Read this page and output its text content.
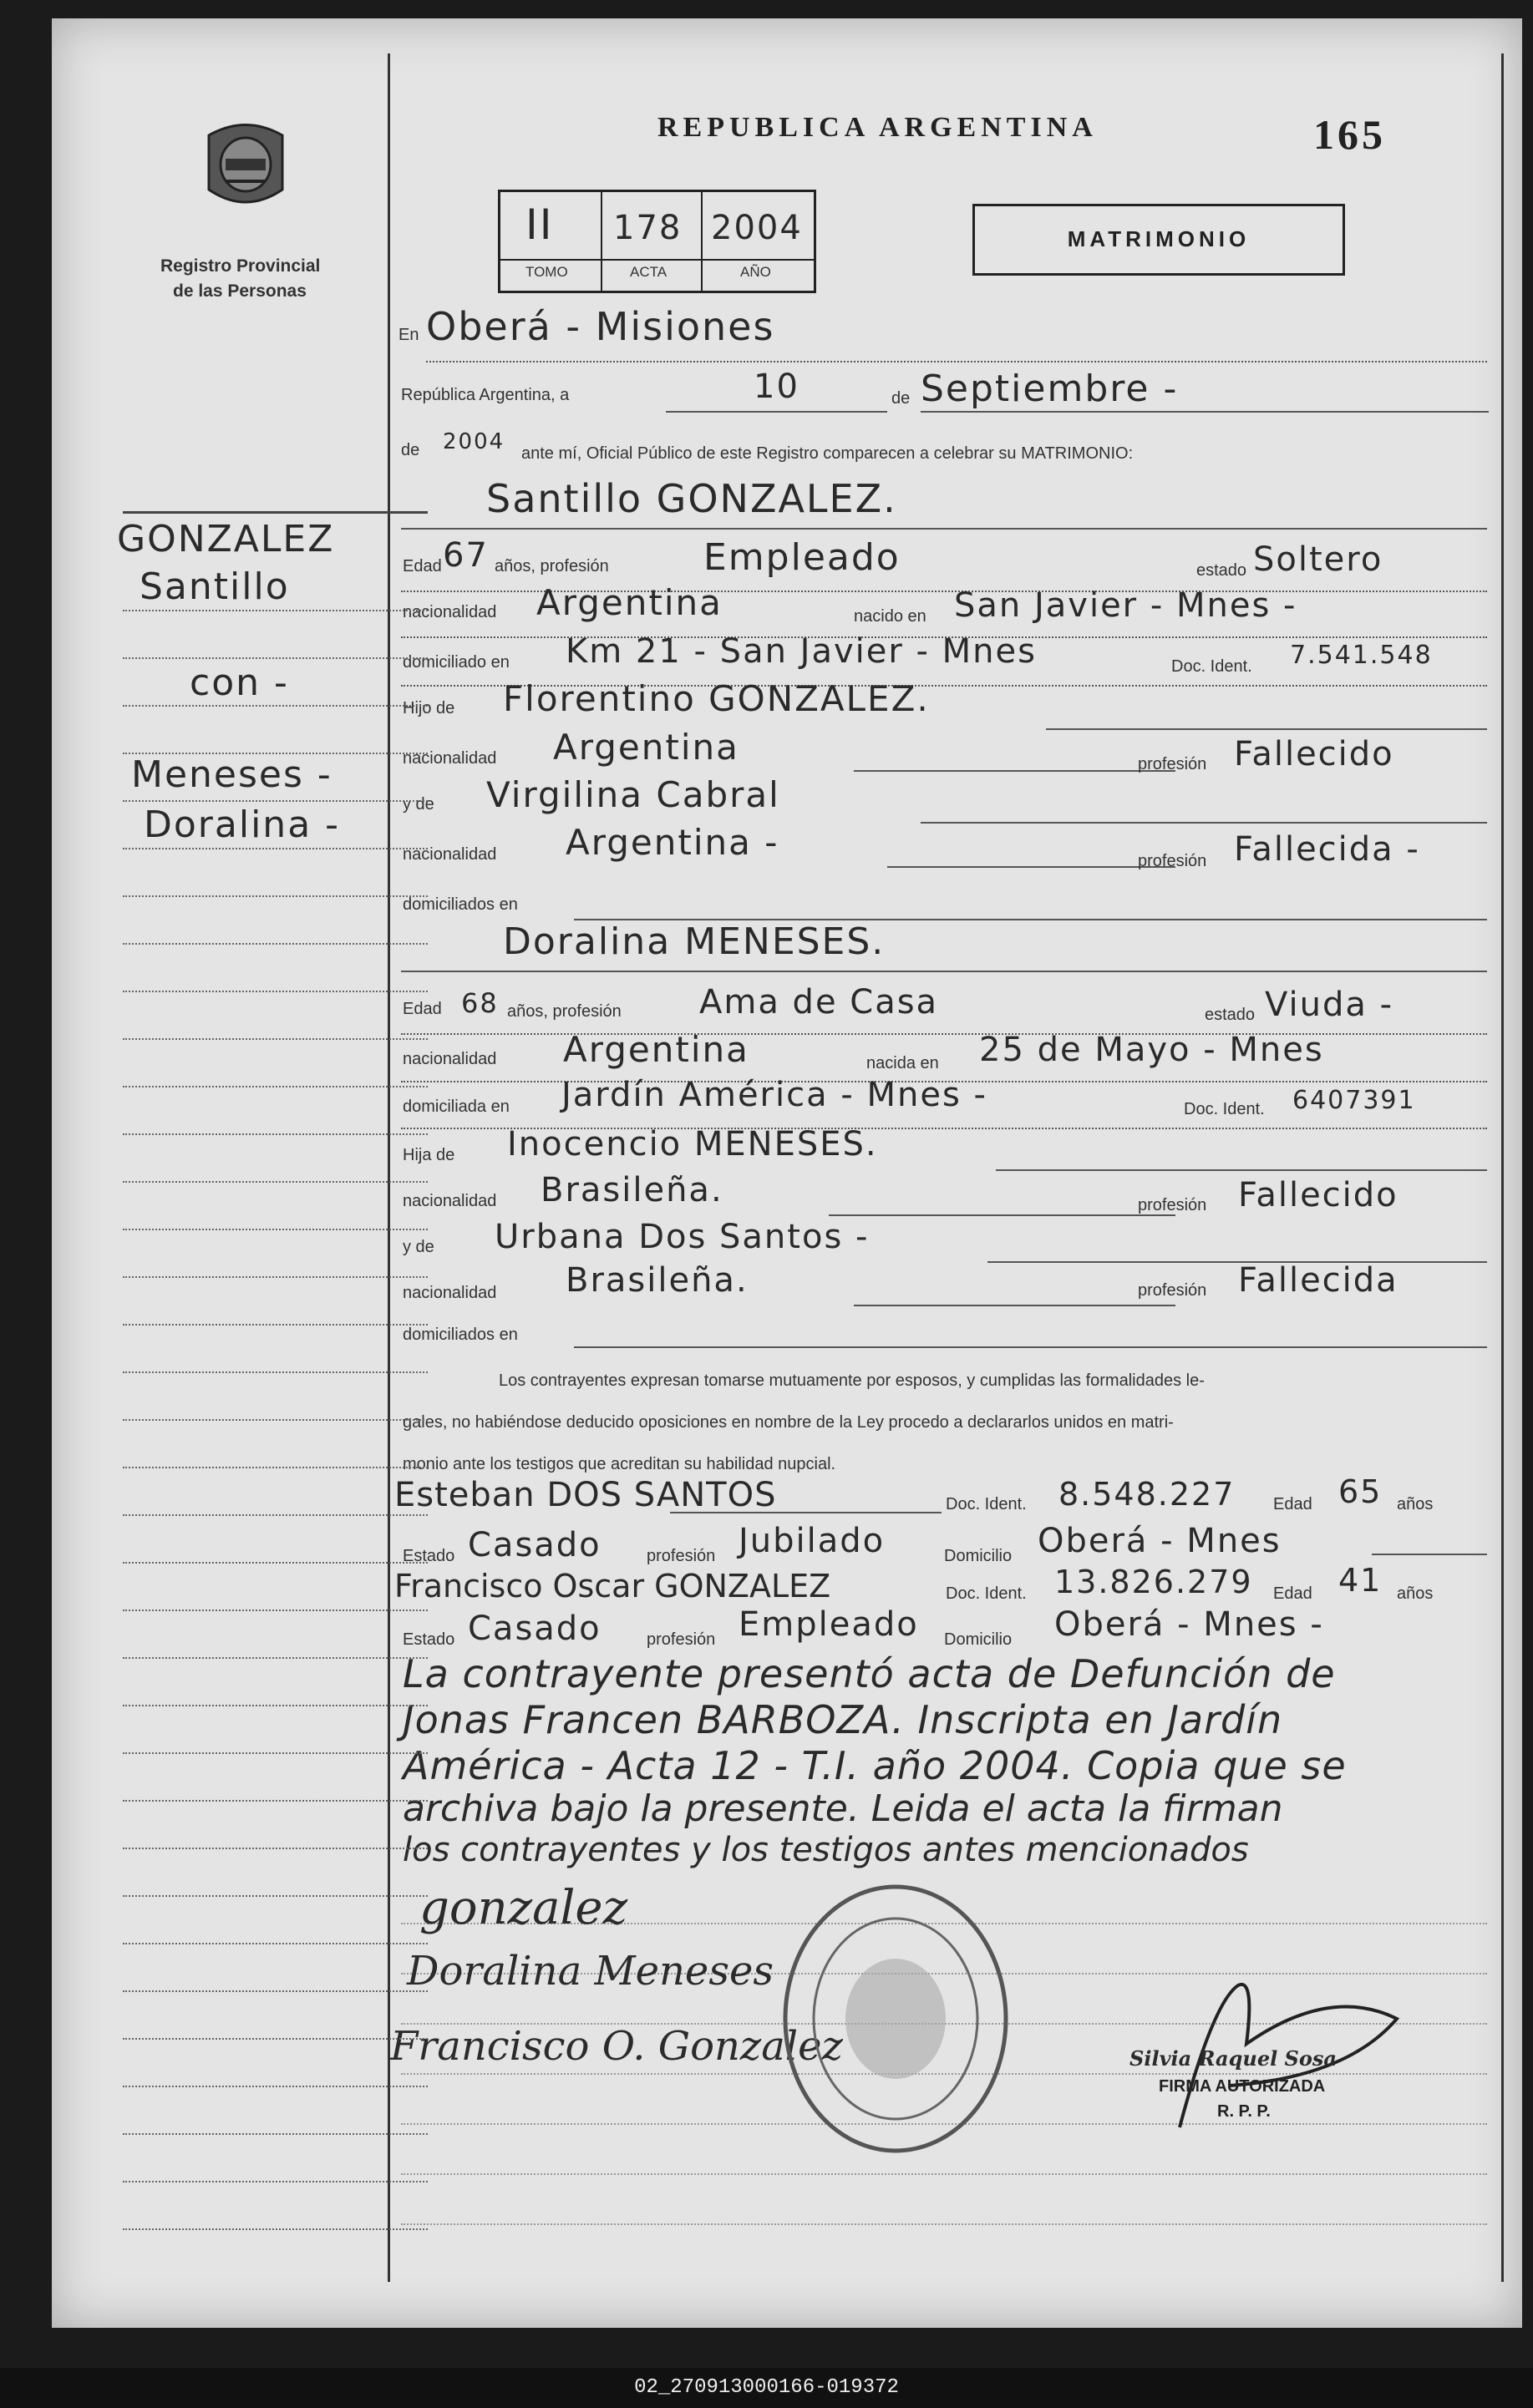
Registro Provincial
de las Personas
REPUBLICA ARGENTINA	165
II 178 2004
TOMO	ACTA	AÑO
MATRIMONIO
En Oberá - Misiones
República Argentina, a	10	de Septiembre -
de 2004 ante mí, Oficial Público de este Registro comparecen a celebrar su MATRIMONIO:
Santillo GONZALEZ.
Edad 67 años, profesión	Empleado	estado Soltero
nacionalidad Argentina	nacido en San Javier - Mnes -
domiciliado en Km 21 - San Javier - Mnes	Doc. Ident. 7.541.548
Hijo de Florentino GONZALEZ.
nacionalidad Argentina	profesión Fallecido
y de Virgilina Cabral
nacionalidad Argentina -	profesión Fallecida -
domiciliados en
Doralina MENESES.
Edad 68 años, profesión Ama de Casa	estado Viuda -
nacionalidad Argentina	nacida en 25 de Mayo - Mnes
domiciliada en Jardín América - Mnes -	Doc. Ident. 6407391
Hija de Inocencio MENESES.
nacionalidad Brasileña.	profesión Fallecido
y de Urbana Dos Santos -
nacionalidad Brasileña.	profesión Fallecida
domiciliados en
Los contrayentes expresan tomarse mutuamente por esposos, y cumplidas las formalidades le-
gales, no habiéndose deducido oposiciones en nombre de la Ley procedo a declararlos unidos en matri-
monio ante los testigos que acreditan su habilidad nupcial.
Esteban DOS SANTOS	Doc. Ident. 8.548.227 Edad 65 años
Estado Casado	profesión Jubilado	Domicilio Oberá - Mnes
Francisco Oscar GONZALEZ	Doc. Ident. 13.826.279 Edad 41 años
Estado Casado	profesión Empleado Domicilio Oberá - Mnes -
La contrayente presentó acta de Defunción de
Jonas Francen BARBOZA. Inscripta en Jardín
América - Acta 12 - T.I. año 2004. Copia que se
archiva bajo la presente. Leida el acta la firman
los contrayentes y los testigos antes mencionados
gonzalez
Doralina Meneses
Francisco O. Gonzalez	Silvia Raquel Sosa
FIRMA AUTORIZADA
R. P. P.
GONZALEZ
Santillo
con -
Meneses -
Doralina -
02_270913000166-019372
